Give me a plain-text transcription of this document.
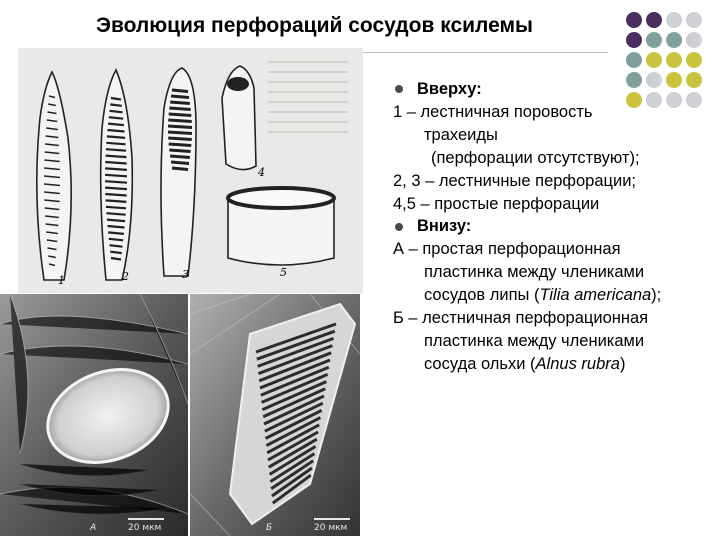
Эволюция перфораций сосудов ксилемы
1	2	3
4
5
А	20 мкм	Б	20 мкм
Вверху:
1 – лестничная поровость
трахеиды
(перфорации отсутствуют);
2, 3 – лестничные перфорации;
4,5 – простые перфорации
Внизу:
А – простая перфорационная
пластинка между члениками
сосудов липы (Tilia americana);
Б – лестничная перфорационная
пластинка между члениками
сосуда ольхи (Alnus rubra)
